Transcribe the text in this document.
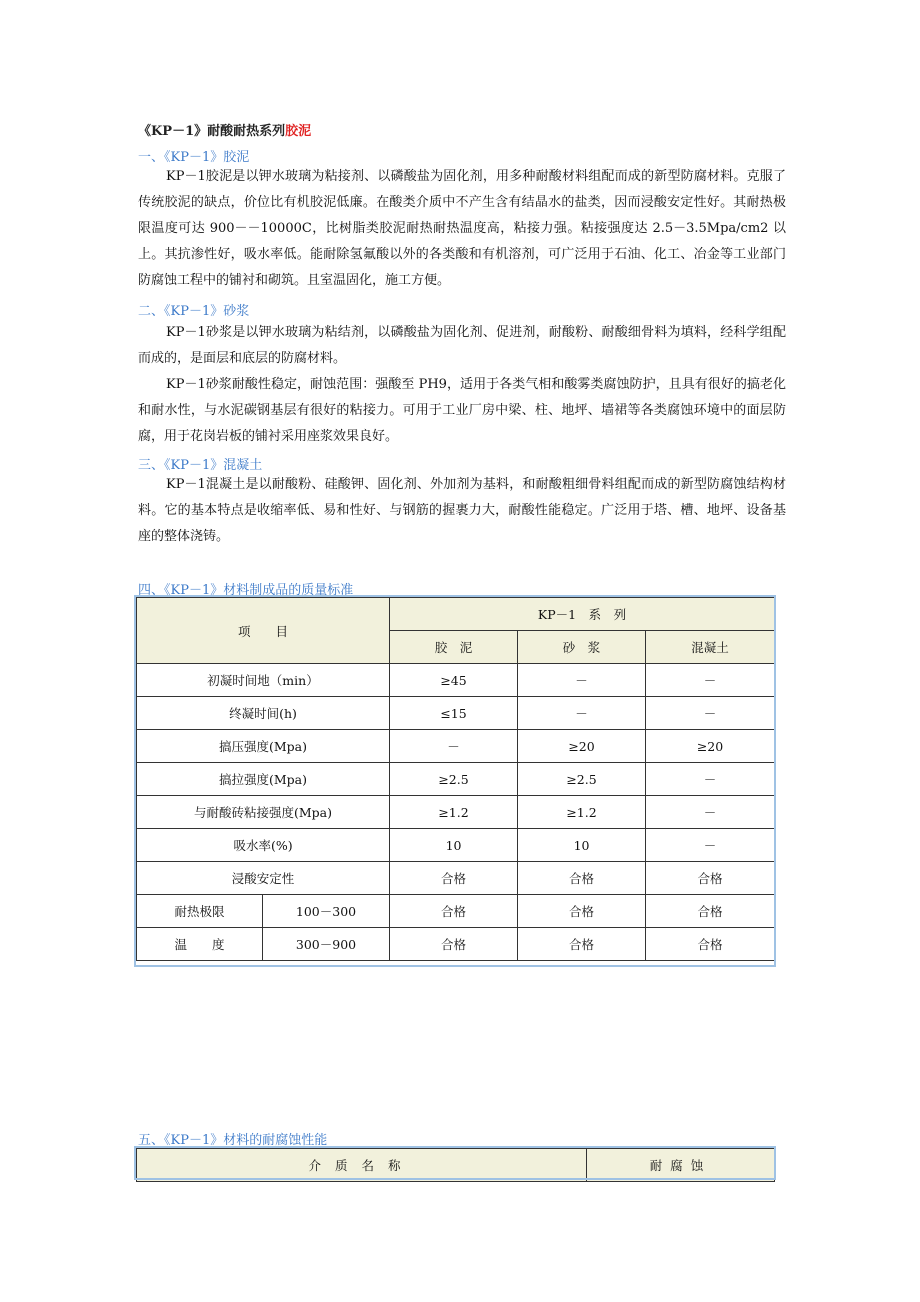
《KP－1》耐酸耐热系列胶泥
一、《KP－1》胶泥

KP－1胶泥是以钾水玻璃为粘接剂、以磷酸盐为固化剂，用多种耐酸材料组配而成的新型防腐材料。克服了传统胶泥的缺点，价位比有机胶泥低廉。在酸类介质中不产生含有结晶水的盐类，因而浸酸安定性好。其耐热极限温度可达 900－－10000C，比树脂类胶泥耐热耐热温度高，粘接力强。粘接强度达 2.5－3.5Mpa/cm2 以上。其抗渗性好，吸水率低。能耐除氢氟酸以外的各类酸和有机溶剂，可广泛用于石油、化工、冶金等工业部门防腐蚀工程中的铺衬和砌筑。且室温固化，施工方便。

二、《KP－1》砂浆

KP－1砂浆是以钾水玻璃为粘结剂，以磷酸盐为固化剂、促进剂，耐酸粉、耐酸细骨料为填料，经科学组配而成的，是面层和底层的防腐材料。

KP－1砂浆耐酸性稳定，耐蚀范围：强酸至 PH9，适用于各类气相和酸雾类腐蚀防护，且具有很好的搞老化和耐水性，与水泥碳钢基层有很好的粘接力。可用于工业厂房中梁、柱、地坪、墙裙等各类腐蚀环境中的面层防腐，用于花岗岩板的铺衬采用座浆效果良好。

三、《KP－1》混凝土

KP－1混凝土是以耐酸粉、硅酸钾、固化剂、外加剂为基料，和耐酸粗细骨料组配而成的新型防腐蚀结构材料。它的基本特点是收缩率低、易和性好、与钢筋的握裹力大，耐酸性能稳定。广泛用于塔、槽、地坪、设备基座的整体浇铸。

四、《KP－1》材料制成品的质量标准
项　　目		KP－1　系　列		
		胶　泥	砂　浆	混凝土
初凝时间地（min）		≥45	－	－
终凝时间(h)		≤15	－	－
搞压强度(Mpa)		－	≥20	≥20
搞拉强度(Mpa)		≥2.5	≥2.5	－
与耐酸砖粘接强度(Mpa)		≥1.2	≥1.2	－
吸水率(%)		10	10	－
浸酸安定性		合格	合格	合格
耐热极限	100－300	合格	合格	合格
温　　度	300－900	合格	合格	合格
五、《KP－1》材料的耐腐蚀性能
介质名称	耐腐蚀
